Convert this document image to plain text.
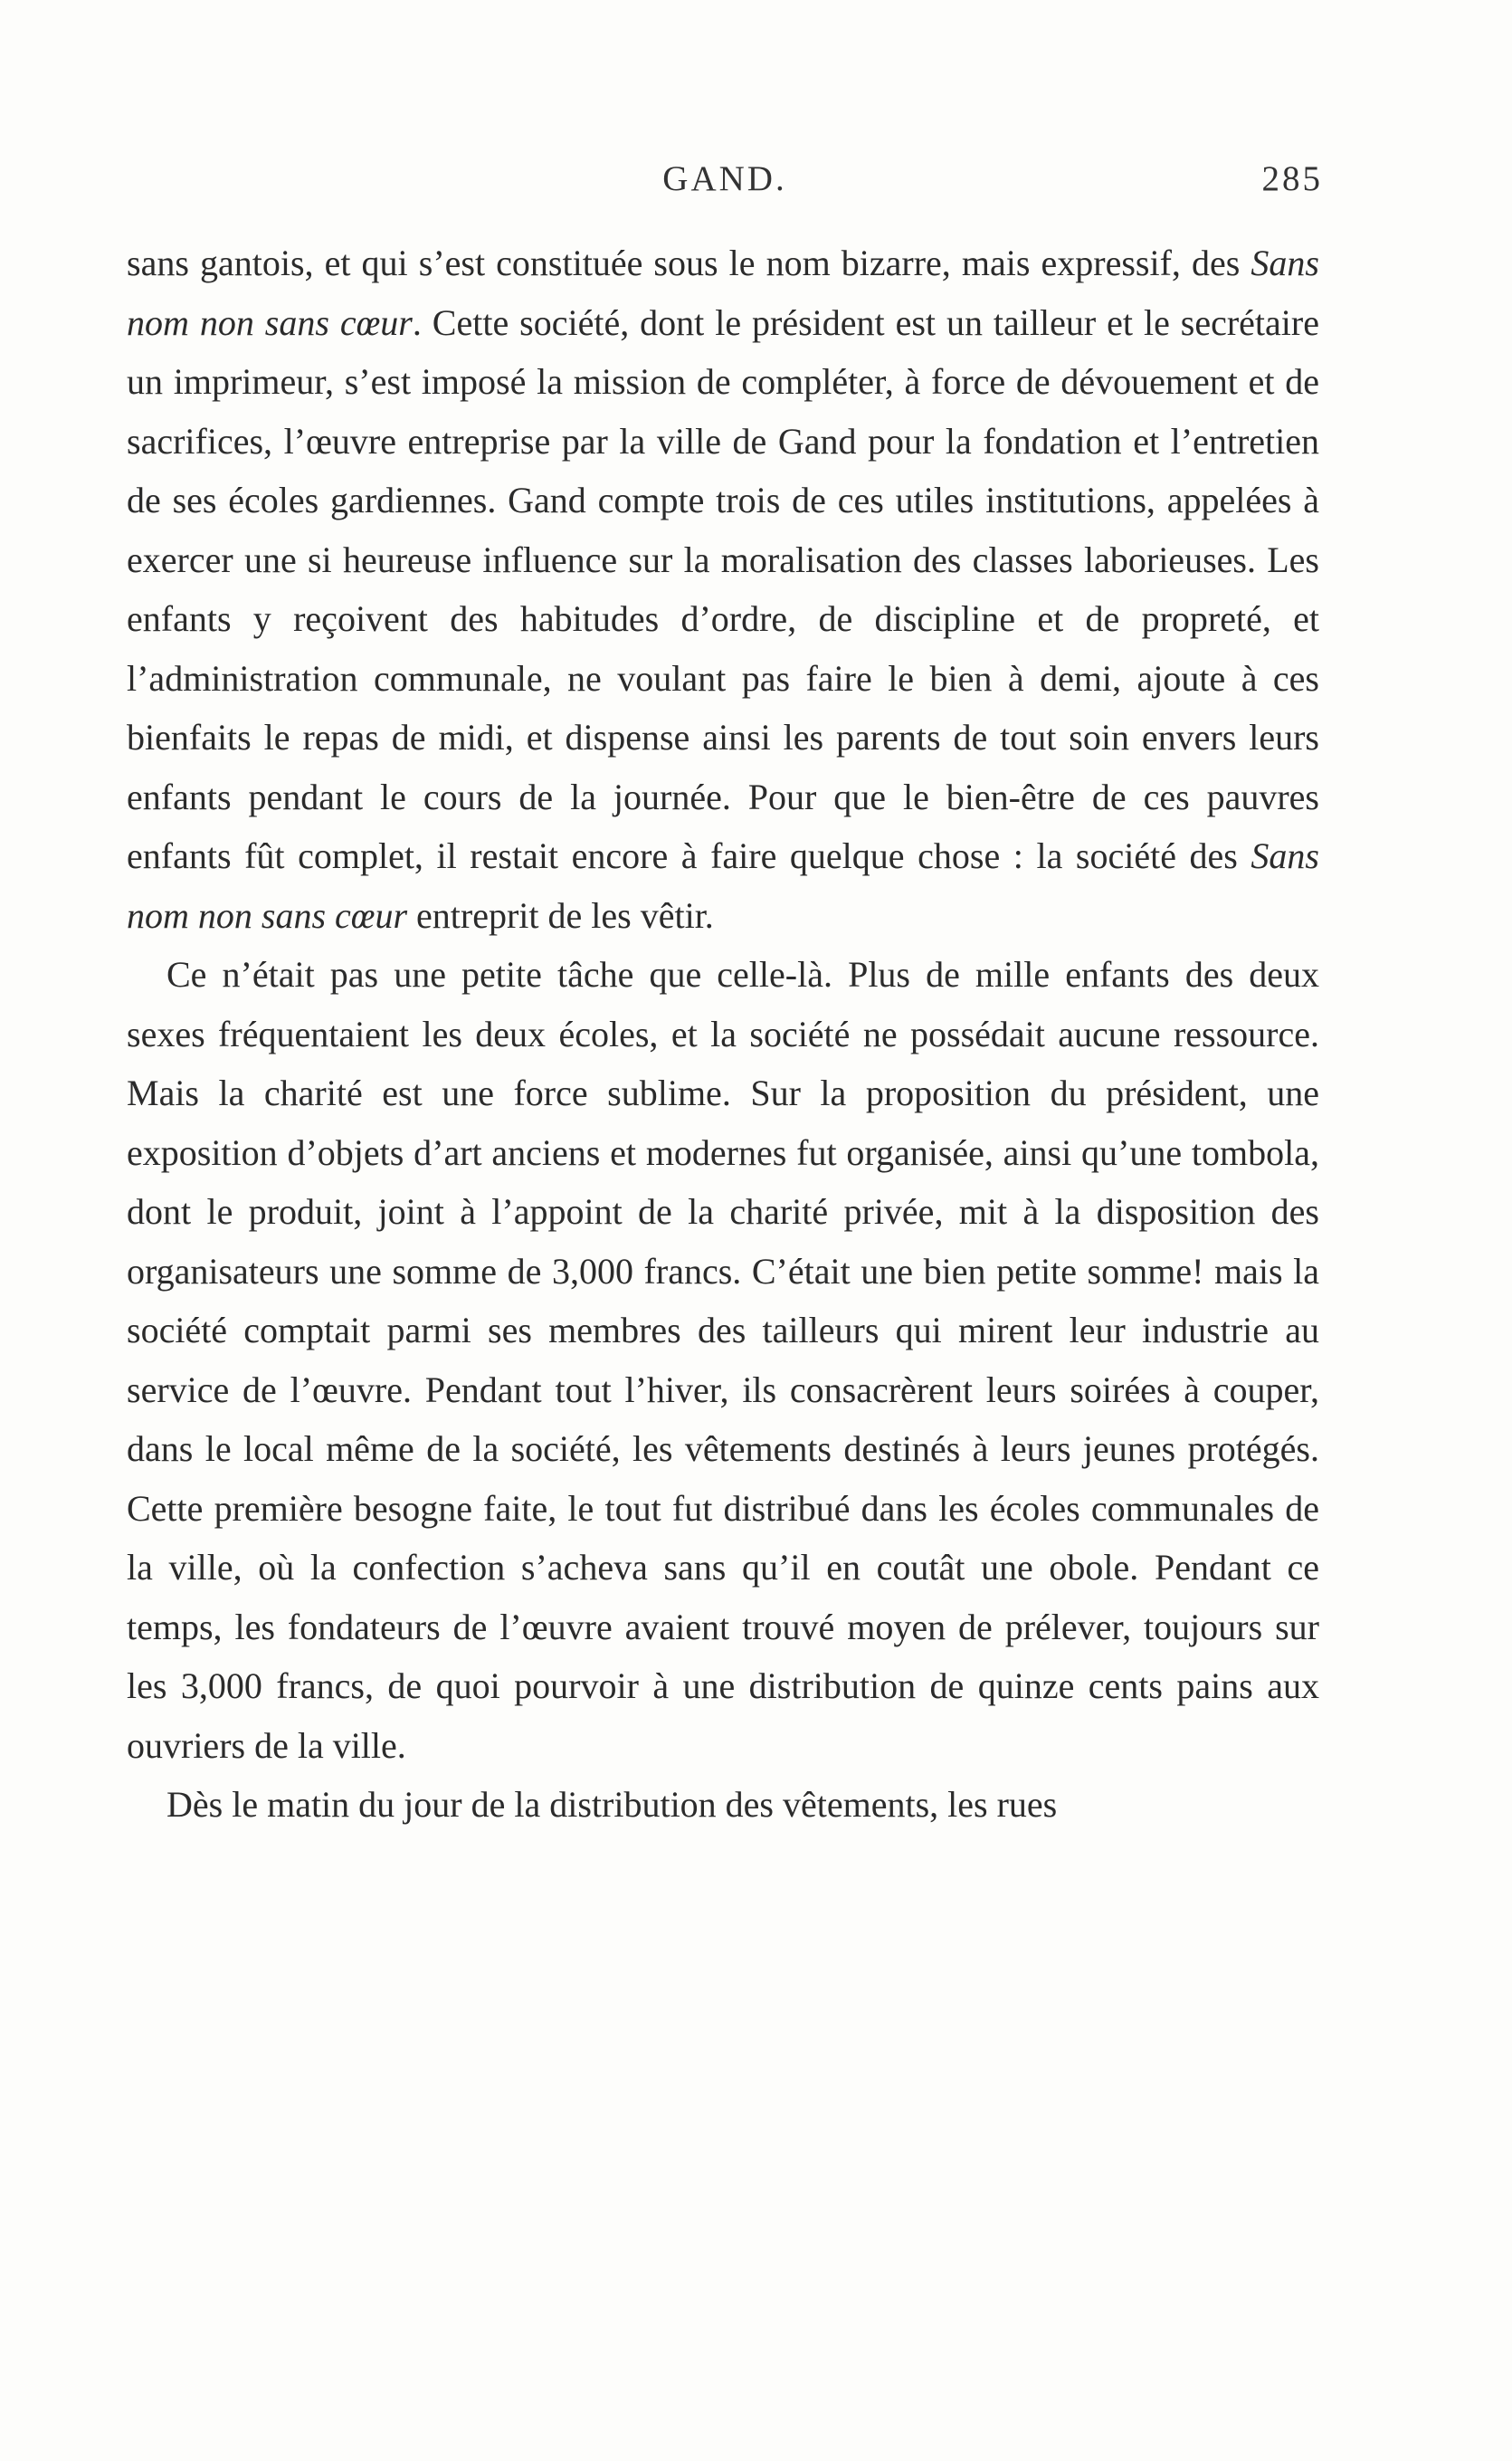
GAND.	285

sans gantois, et qui s’est constituée sous le nom bizarre, mais expressif, des Sans nom non sans cœur. Cette société, dont le président est un tailleur et le secrétaire un imprimeur, s’est imposé la mission de compléter, à force de dévouement et de sacrifices, l’œuvre entreprise par la ville de Gand pour la fondation et l’entretien de ses écoles gardiennes. Gand compte trois de ces utiles institutions, appelées à exercer une si heureuse influence sur la moralisation des classes laborieuses. Les enfants y reçoivent des habitudes d’ordre, de discipline et de propreté, et l’administration communale, ne voulant pas faire le bien à demi, ajoute à ces bienfaits le repas de midi, et dispense ainsi les parents de tout soin envers leurs enfants pendant le cours de la journée. Pour que le bien-être de ces pauvres enfants fût complet, il restait encore à faire quelque chose : la société des Sans nom non sans cœur entreprit de les vêtir.

Ce n’était pas une petite tâche que celle-là. Plus de mille enfants des deux sexes fréquentaient les deux écoles, et la société ne possédait aucune ressource. Mais la charité est une force sublime. Sur la proposition du président, une exposition d’objets d’art anciens et modernes fut organisée, ainsi qu’une tombola, dont le produit, joint à l’appoint de la charité privée, mit à la disposition des organisateurs une somme de 3,000 francs. C’était une bien petite somme! mais la société comptait parmi ses membres des tailleurs qui mirent leur industrie au service de l’œuvre. Pendant tout l’hiver, ils consacrèrent leurs soirées à couper, dans le local même de la société, les vêtements destinés à leurs jeunes protégés. Cette première besogne faite, le tout fut distribué dans les écoles communales de la ville, où la confection s’acheva sans qu’il en coutât une obole. Pendant ce temps, les fondateurs de l’œuvre avaient trouvé moyen de prélever, toujours sur les 3,000 francs, de quoi pourvoir à une distribution de quinze cents pains aux ouvriers de la ville.

Dès le matin du jour de la distribution des vêtements, les rues
